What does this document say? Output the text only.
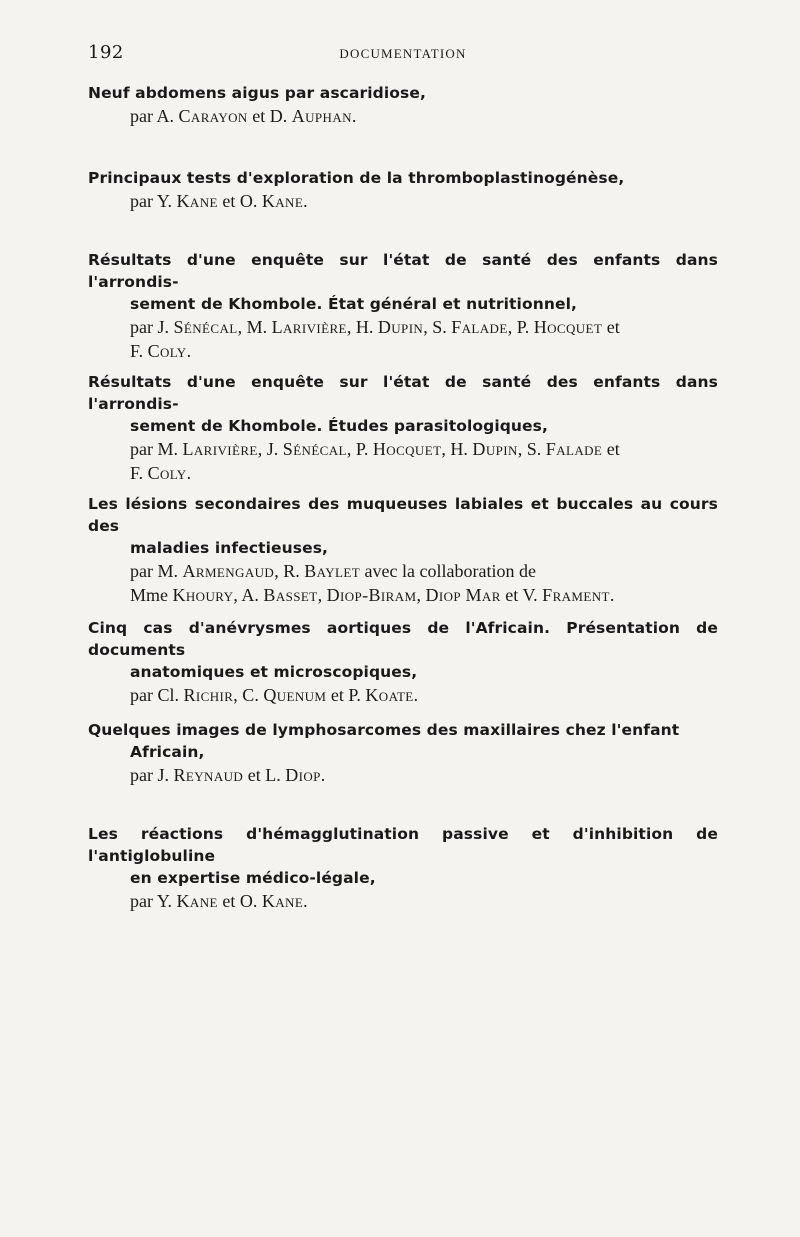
192	DOCUMENTATION
Neuf abdomens aigus par ascaridiose,
par A. Carayon et D. Auphan.
Principaux tests d'exploration de la thromboplastinogénèse,
par Y. Kane et O. Kane.
Résultats d'une enquête sur l'état de santé des enfants dans l'arrondis-
sement de Khombole. État général et nutritionnel,
par J. Sénécal, M. Larivière, H. Dupin, S. Falade, P. Hocquet et
F. Coly.
Résultats d'une enquête sur l'état de santé des enfants dans l'arrondis-
sement de Khombole. Études parasitologiques,
par M. Larivière, J. Sénécal, P. Hocquet, H. Dupin, S. Falade et
F. Coly.
Les lésions secondaires des muqueuses labiales et buccales au cours des
maladies infectieuses,
par M. Armengaud, R. Baylet avec la collaboration de
Mme Khoury, A. Basset, Diop-Biram, Diop Mar et V. Frament.
Cinq cas d'anévrysmes aortiques de l'Africain. Présentation de documents
anatomiques et microscopiques,
par Cl. Richir, C. Quenum et P. Koate.
Quelques images de lymphosarcomes des maxillaires chez l'enfant
Africain,
par J. Reynaud et L. Diop.
Les réactions d'hémagglutination passive et d'inhibition de l'antiglobuline
en expertise médico-légale,
par Y. Kane et O. Kane.
